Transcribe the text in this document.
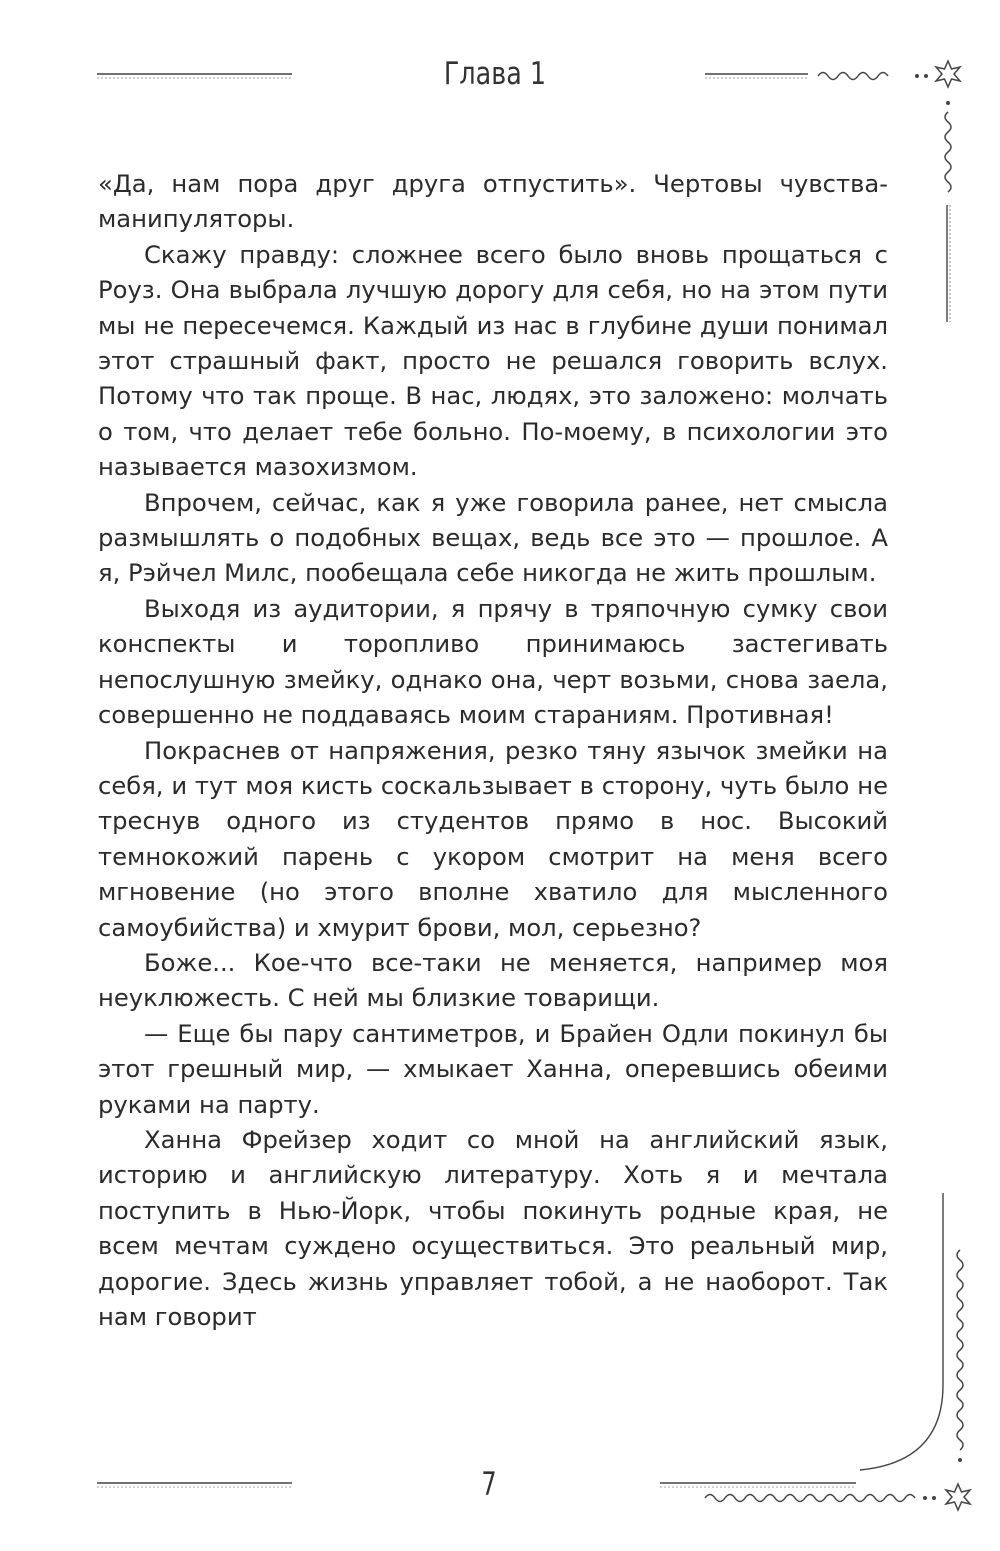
Глава 1

«Да, нам пора друг друга отпустить». Чертовы чувства-манипуляторы.

Скажу правду: сложнее всего было вновь прощаться с Роуз. Она выбрала лучшую дорогу для себя, но на этом пути мы не пересечемся. Каждый из нас в глубине души понимал этот страшный факт, просто не решался говорить вслух. Потому что так проще. В нас, людях, это заложено: молчать о том, что делает тебе больно. По-моему, в психологии это называется мазохизмом.

Впрочем, сейчас, как я уже говорила ранее, нет смысла размышлять о подобных вещах, ведь все это — прошлое. А я, Рэйчел Милс, пообещала себе никогда не жить прошлым.

Выходя из аудитории, я прячу в тряпочную сумку свои конспекты и торопливо принимаюсь застегивать непослушную змейку, однако она, черт возьми, снова заела, совершенно не поддаваясь моим стараниям. Противная!

Покраснев от напряжения, резко тяну язычок змейки на себя, и тут моя кисть соскальзывает в сторону, чуть было не треснув одного из студентов прямо в нос. Высокий темнокожий парень с укором смотрит на меня всего мгновение (но этого вполне хватило для мысленного самоубийства) и хмурит брови, мол, серьезно?

Боже... Кое-что все-таки не меняется, например моя неуклюжесть. С ней мы близкие товарищи.

— Еще бы пару сантиметров, и Брайен Одли покинул бы этот грешный мир, — хмыкает Ханна, оперевшись обеими руками на парту.

Ханна Фрейзер ходит со мной на английский язык, историю и английскую литературу. Хоть я и мечтала поступить в Нью-Йорк, чтобы покинуть родные края, не всем мечтам суждено осуществиться. Это реальный мир, дорогие. Здесь жизнь управляет тобой, а не наоборот. Так нам говорит

7
